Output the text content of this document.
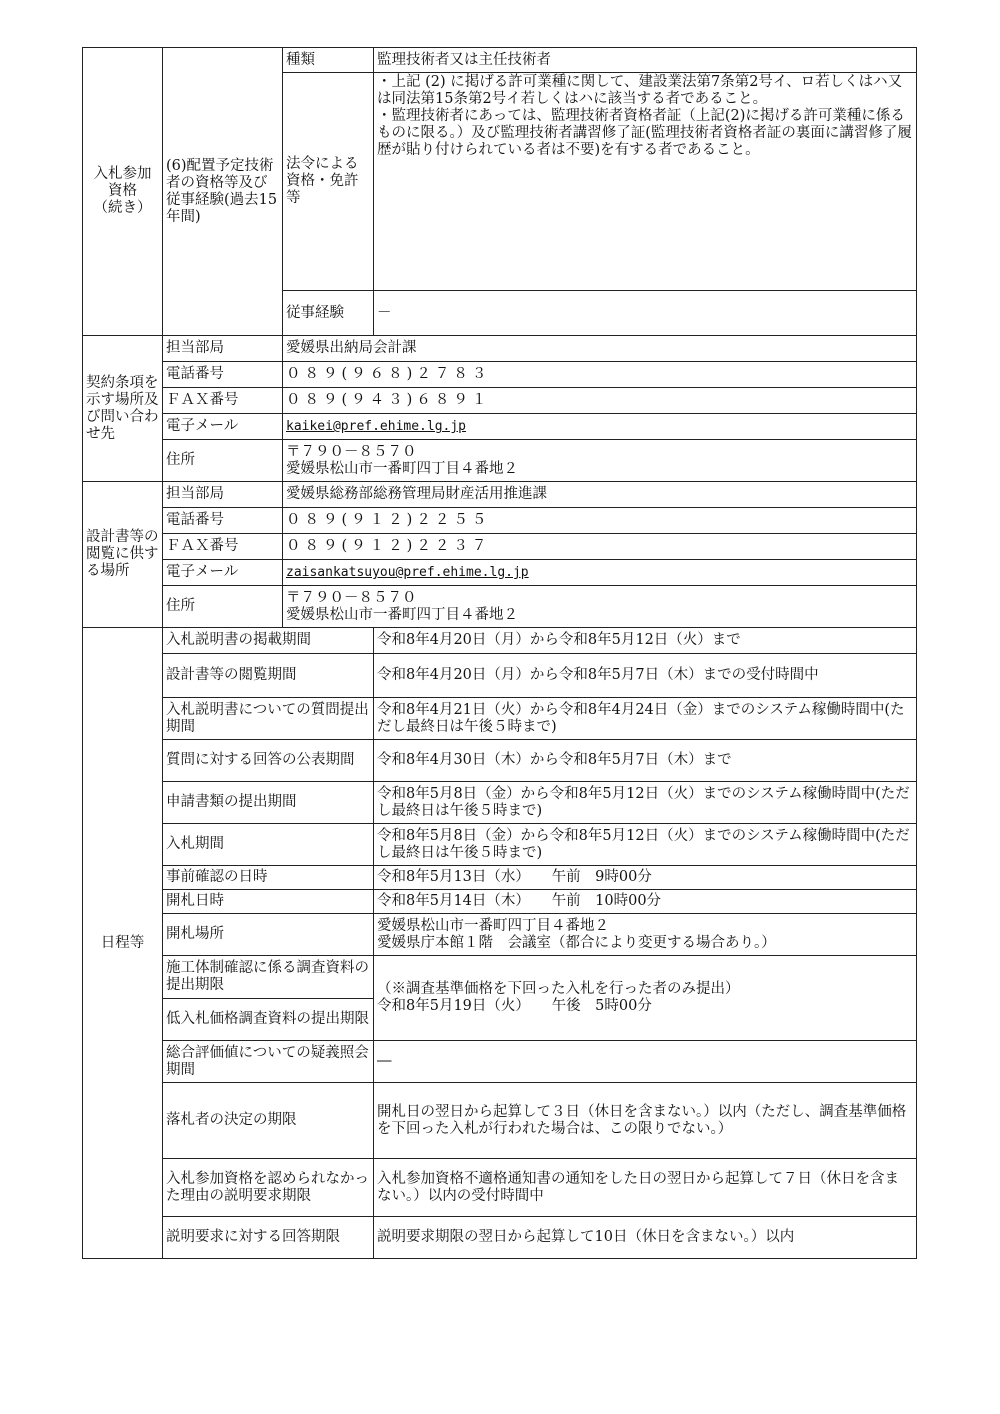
入札参加
資格
（続き）	(6)配置予定技術者の資格等及び従事経験(過去15年間)	種類	監理技術者又は主任技術者
		法令による資格・免許等	・上記 (2) に掲げる許可業種に関して、建設業法第7条第2号イ、ロ若しくはハ又は同法第15条第2号イ若しくはハに該当する者であること。
・監理技術者にあっては、監理技術者資格者証（上記(2)に掲げる許可業種に係るものに限る。）及び監理技術者講習修了証(監理技術者資格者証の裏面に講習修了履歴が貼り付けられている者は不要)を有する者であること。
		従事経験	－
契約条項を示す場所及び問い合わせ先	担当部局	愛媛県出納局会計課	
	電話番号	０８９(９６８)２７８３	
	ＦＡＸ番号	０８９(９４３)６８９１	
	電子メール	kaikei@pref.ehime.lg.jp	
	住所	〒７９０－８５７０
愛媛県松山市一番町四丁目４番地２	
設計書等の閲覧に供する場所	担当部局	愛媛県総務部総務管理局財産活用推進課	
	電話番号	０８９(９１２)２２５５	
	ＦＡＸ番号	０８９(９１２)２２３７	
	電子メール	zaisankatsuyou@pref.ehime.lg.jp	
	住所	〒７９０－８５７０
愛媛県松山市一番町四丁目４番地２	
日程等	入札説明書の掲載期間		令和8年4月20日（月）から令和8年5月12日（火）まで
	設計書等の閲覧期間		令和8年4月20日（月）から令和8年5月7日（木）までの受付時間中
	入札説明書についての質問提出期間		令和8年4月21日（火）から令和8年4月24日（金）までのシステム稼働時間中(ただし最終日は午後５時まで)
	質問に対する回答の公表期間		令和8年4月30日（木）から令和8年5月7日（木）まで
	申請書類の提出期間		令和8年5月8日（金）から令和8年5月12日（火）までのシステム稼働時間中(ただし最終日は午後５時まで)
	入札期間		令和8年5月8日（金）から令和8年5月12日（火）までのシステム稼働時間中(ただし最終日は午後５時まで)
	事前確認の日時		令和8年5月13日（水）　　午前　9時00分
	開札日時		令和8年5月14日（木）　　午前　10時00分
	開札場所		愛媛県松山市一番町四丁目４番地２
愛媛県庁本館１階　会議室（都合により変更する場合あり。）
	施工体制確認に係る調査資料の提出期限		（※調査基準価格を下回った入札を行った者のみ提出）
令和8年5月19日（火）　　午後　5時00分
	低入札価格調査資料の提出期限		
	総合評価値についての疑義照会期間		―
	落札者の決定の期限		開札日の翌日から起算して３日（休日を含まない。）以内（ただし、調査基準価格を下回った入札が行われた場合は、この限りでない。）
	入札参加資格を認められなかった理由の説明要求期限		入札参加資格不適格通知書の通知をした日の翌日から起算して７日（休日を含まない。）以内の受付時間中
	説明要求に対する回答期限		説明要求期限の翌日から起算して10日（休日を含まない。）以内
